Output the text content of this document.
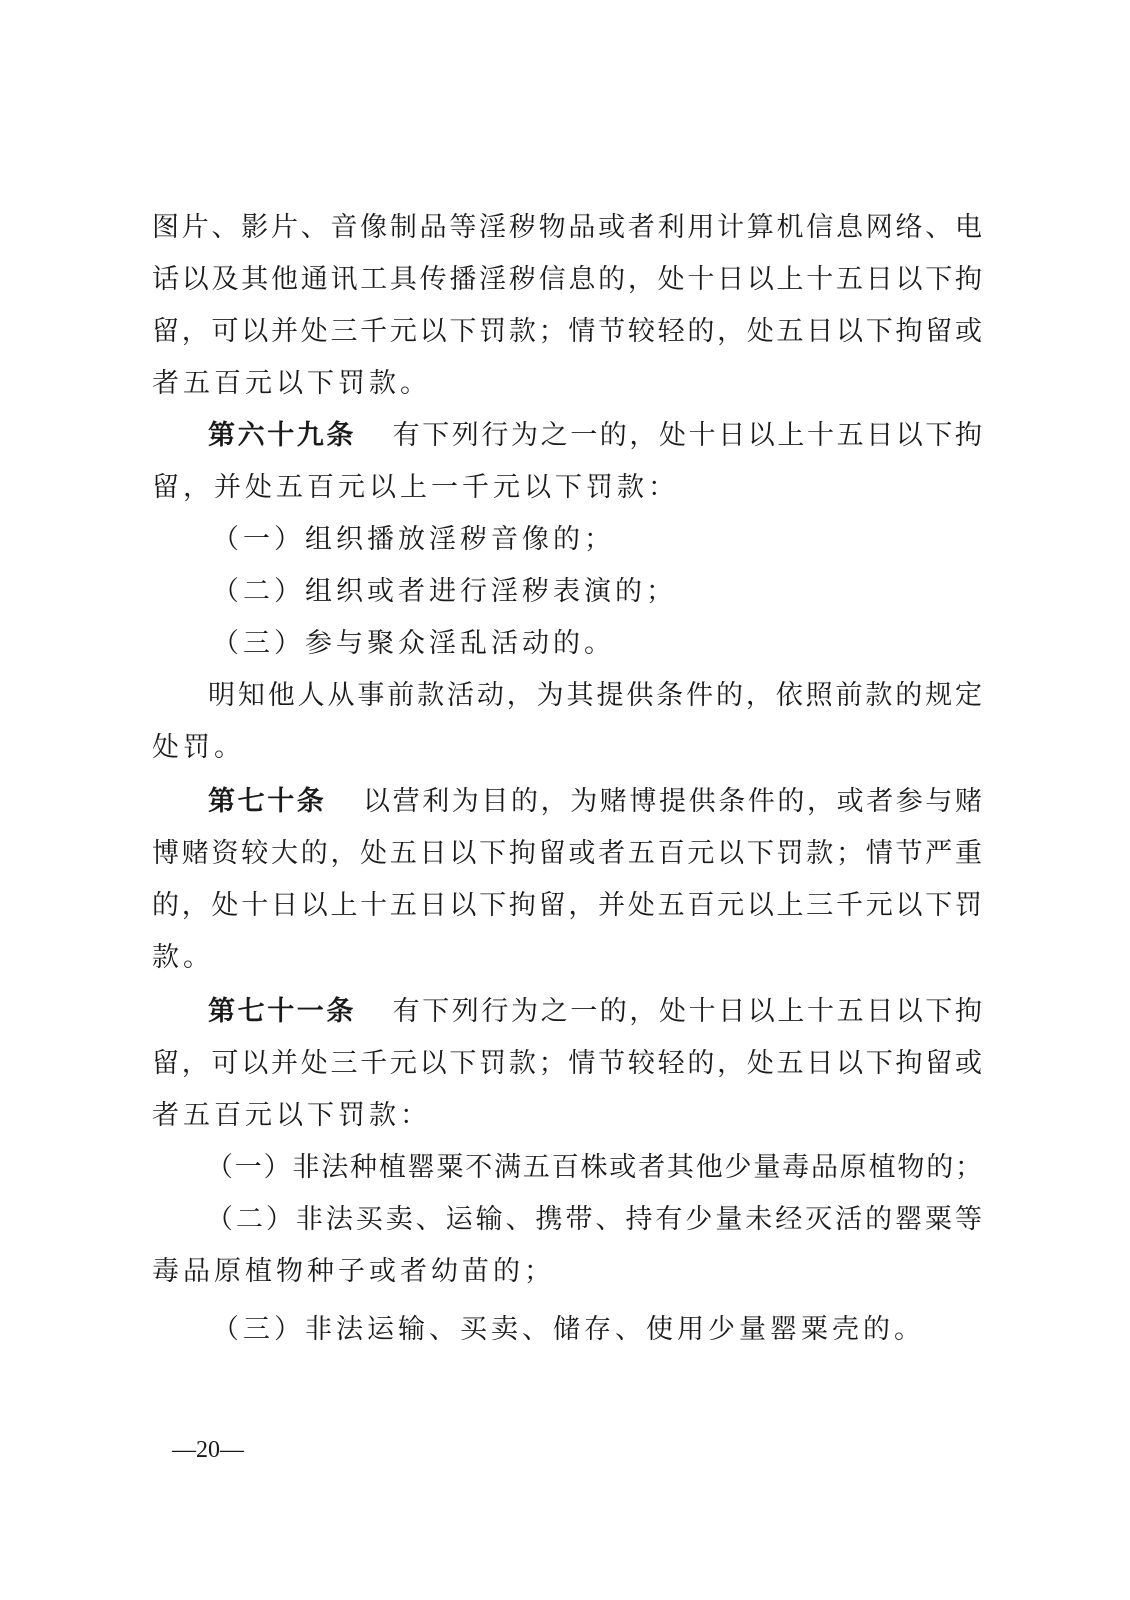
图片、影片、音像制品等淫秽物品或者利用计算机信息网络、电
话以及其他通讯工具传播淫秽信息的，处十日以上十五日以下拘
留，可以并处三千元以下罚款；情节较轻的，处五日以下拘留或
者五百元以下罚款。
第六十九条 有下列行为之一的，处十日以上十五日以下拘
留，并处五百元以上一千元以下罚款：
（一）组织播放淫秽音像的；
（二）组织或者进行淫秽表演的；
（三）参与聚众淫乱活动的。
明知他人从事前款活动，为其提供条件的，依照前款的规定
处罚。
第七十条 以营利为目的，为赌博提供条件的，或者参与赌
博赌资较大的，处五日以下拘留或者五百元以下罚款；情节严重
的，处十日以上十五日以下拘留，并处五百元以上三千元以下罚
款。
第七十一条 有下列行为之一的，处十日以上十五日以下拘
留，可以并处三千元以下罚款；情节较轻的，处五日以下拘留或
者五百元以下罚款：
（一）非法种植罂粟不满五百株或者其他少量毒品原植物的；
（二）非法买卖、运输、携带、持有少量未经灭活的罂粟等
毒品原植物种子或者幼苗的；
（三）非法运输、买卖、储存、使用少量罂粟壳的。
—20—
